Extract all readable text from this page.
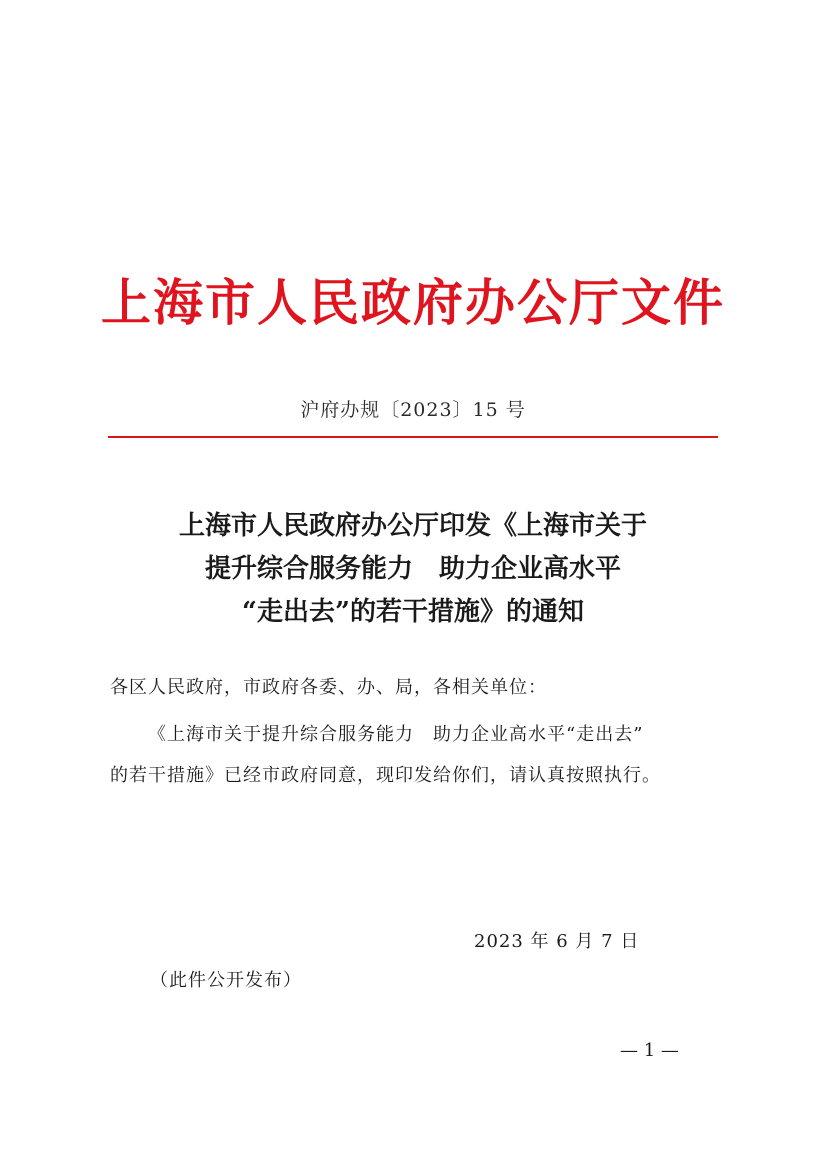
上海市人民政府办公厅文件
沪府办规〔2023〕15 号
上海市人民政府办公厅印发《上海市关于
提升综合服务能力　助力企业高水平
“走出去”的若干措施》的通知
各区人民政府，市政府各委、办、局，各相关单位：
《上海市关于提升综合服务能力　助力企业高水平“走出去”
的若干措施》已经市政府同意，现印发给你们，请认真按照执行。
2023 年 6 月 7 日
（此件公开发布）
— 1 —
